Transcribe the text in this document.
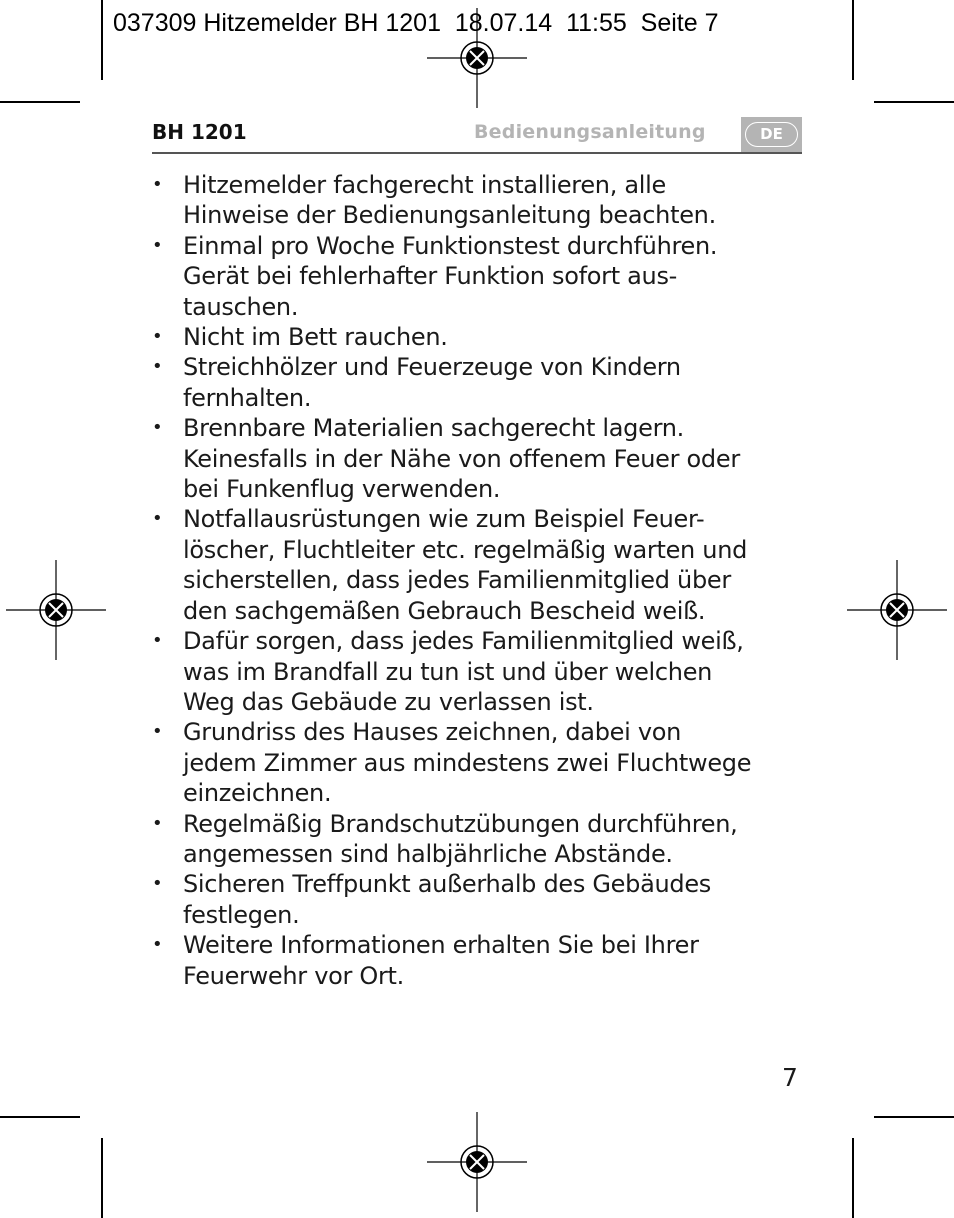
037309 Hitzemelder BH 1201  18.07.14  11:55  Seite 7
BH 1201	Bedienungsanleitung	DE
• Hitzemelder fachgerecht installieren, alle
Hinweise der Bedienungsanleitung beachten.
• Einmal pro Woche Funktionstest durchführen.
Gerät bei fehlerhafter Funktion sofort aus-
tauschen.
• Nicht im Bett rauchen.
• Streichhölzer und Feuerzeuge von Kindern
fernhalten.
• Brennbare Materialien sachgerecht lagern.
Keinesfalls in der Nähe von offenem Feuer oder
bei Funkenflug verwenden.
• Notfallausrüstungen wie zum Beispiel Feuer-
löscher, Fluchtleiter etc. regelmäßig warten und
sicherstellen, dass jedes Familienmitglied über
den sachgemäßen Gebrauch Bescheid weiß.
• Dafür sorgen, dass jedes Familienmitglied weiß,
was im Brandfall zu tun ist und über welchen
Weg das Gebäude zu verlassen ist.
• Grundriss des Hauses zeichnen, dabei von
jedem Zimmer aus mindestens zwei Fluchtwege
einzeichnen.
• Regelmäßig Brandschutzübungen durchführen,
angemessen sind halbjährliche Abstände.
• Sicheren Treffpunkt außerhalb des Gebäudes
festlegen.
• Weitere Informationen erhalten Sie bei Ihrer
Feuerwehr vor Ort.
7
